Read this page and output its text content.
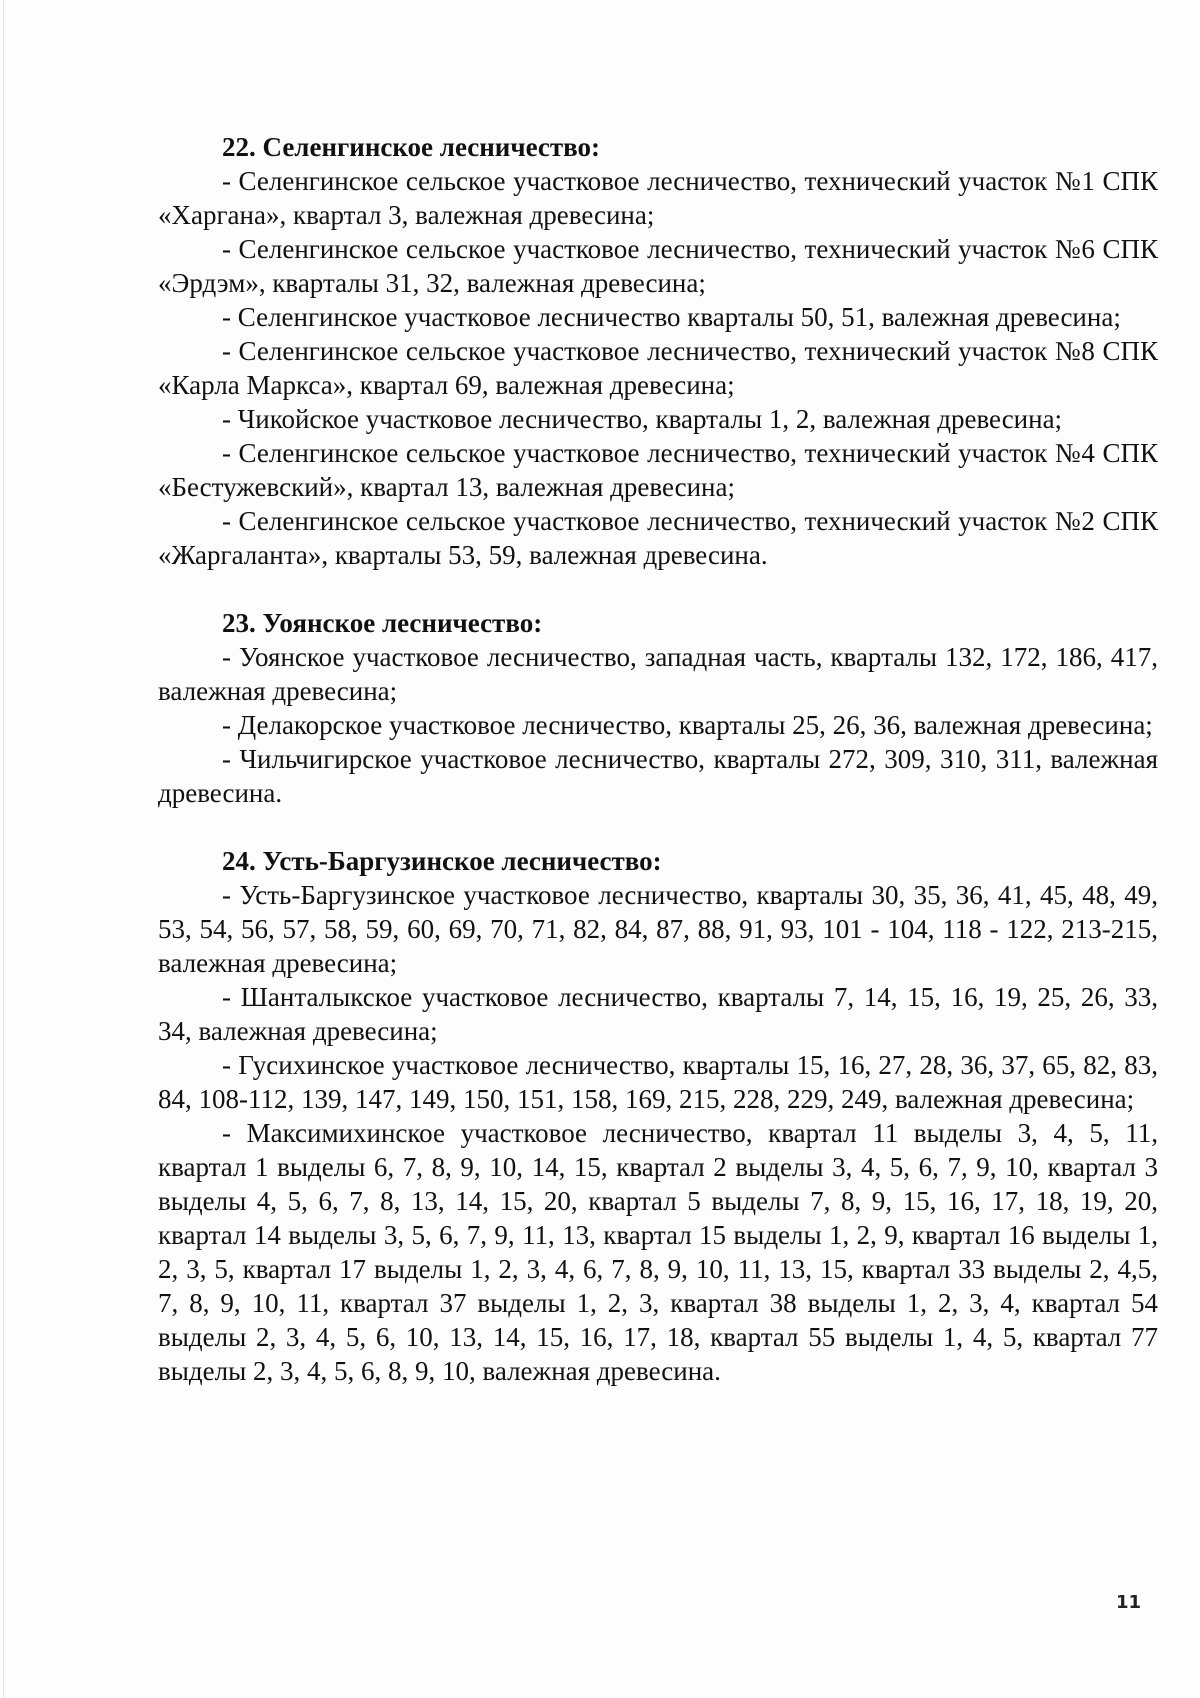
22. Селенгинское лесничество:

- Селенгинское сельское участковое лесничество, технический участок №1 СПК «Харгана», квартал 3, валежная древесина;

- Селенгинское сельское участковое лесничество, технический участок №6 СПК «Эрдэм», кварталы 31, 32, валежная древесина;

- Селенгинское участковое лесничество кварталы 50, 51, валежная древесина;

- Селенгинское сельское участковое лесничество, технический участок №8 СПК «Карла Маркса», квартал 69, валежная древесина;

- Чикойское участковое лесничество, кварталы 1, 2, валежная древесина;

- Селенгинское сельское участковое лесничество, технический участок №4 СПК «Бестужевский», квартал 13, валежная древесина;

- Селенгинское сельское участковое лесничество, технический участок №2 СПК «Жаргаланта», кварталы 53, 59, валежная древесина.

23. Уоянское лесничество:

- Уоянское участковое лесничество, западная часть, кварталы 132, 172, 186, 417, валежная древесина;

- Делакорское участковое лесничество, кварталы 25, 26, 36, валежная древесина;

- Чильчигирское участковое лесничество, кварталы 272, 309, 310, 311, валежная древесина.

24. Усть-Баргузинское лесничество:

- Усть-Баргузинское участковое лесничество, кварталы 30, 35, 36, 41, 45, 48, 49, 53, 54, 56, 57, 58, 59, 60, 69, 70, 71, 82, 84, 87, 88, 91, 93, 101 - 104, 118 - 122, 213-215, валежная древесина;

- Шанталыкское участковое лесничество, кварталы 7, 14, 15, 16, 19, 25, 26, 33, 34, валежная древесина;

- Гусихинское участковое лесничество, кварталы 15, 16, 27, 28, 36, 37, 65, 82, 83, 84, 108-112, 139, 147, 149, 150, 151, 158, 169, 215, 228, 229, 249, валежная древесина;

- Максимихинское участковое лесничество, квартал 11 выделы 3, 4, 5, 11, квартал 1 выделы 6, 7, 8, 9, 10, 14, 15, квартал 2 выделы 3, 4, 5, 6, 7, 9, 10, квартал 3 выделы 4, 5, 6, 7, 8, 13, 14, 15, 20, квартал 5 выделы 7, 8, 9, 15, 16, 17, 18, 19, 20, квартал 14 выделы 3, 5, 6, 7, 9, 11, 13, квартал 15 выделы 1, 2, 9, квартал 16 выделы 1, 2, 3, 5, квартал 17 выделы 1, 2, 3, 4, 6, 7, 8, 9, 10, 11, 13, 15, квартал 33 выделы 2, 4,5, 7, 8, 9, 10, 11, квартал 37 выделы 1, 2, 3, квартал 38 выделы 1, 2, 3, 4, квартал 54 выделы 2, 3, 4, 5, 6, 10, 13, 14, 15, 16, 17, 18, квартал 55 выделы 1, 4, 5, квартал 77 выделы 2, 3, 4, 5, 6, 8, 9, 10, валежная древесина.

11
